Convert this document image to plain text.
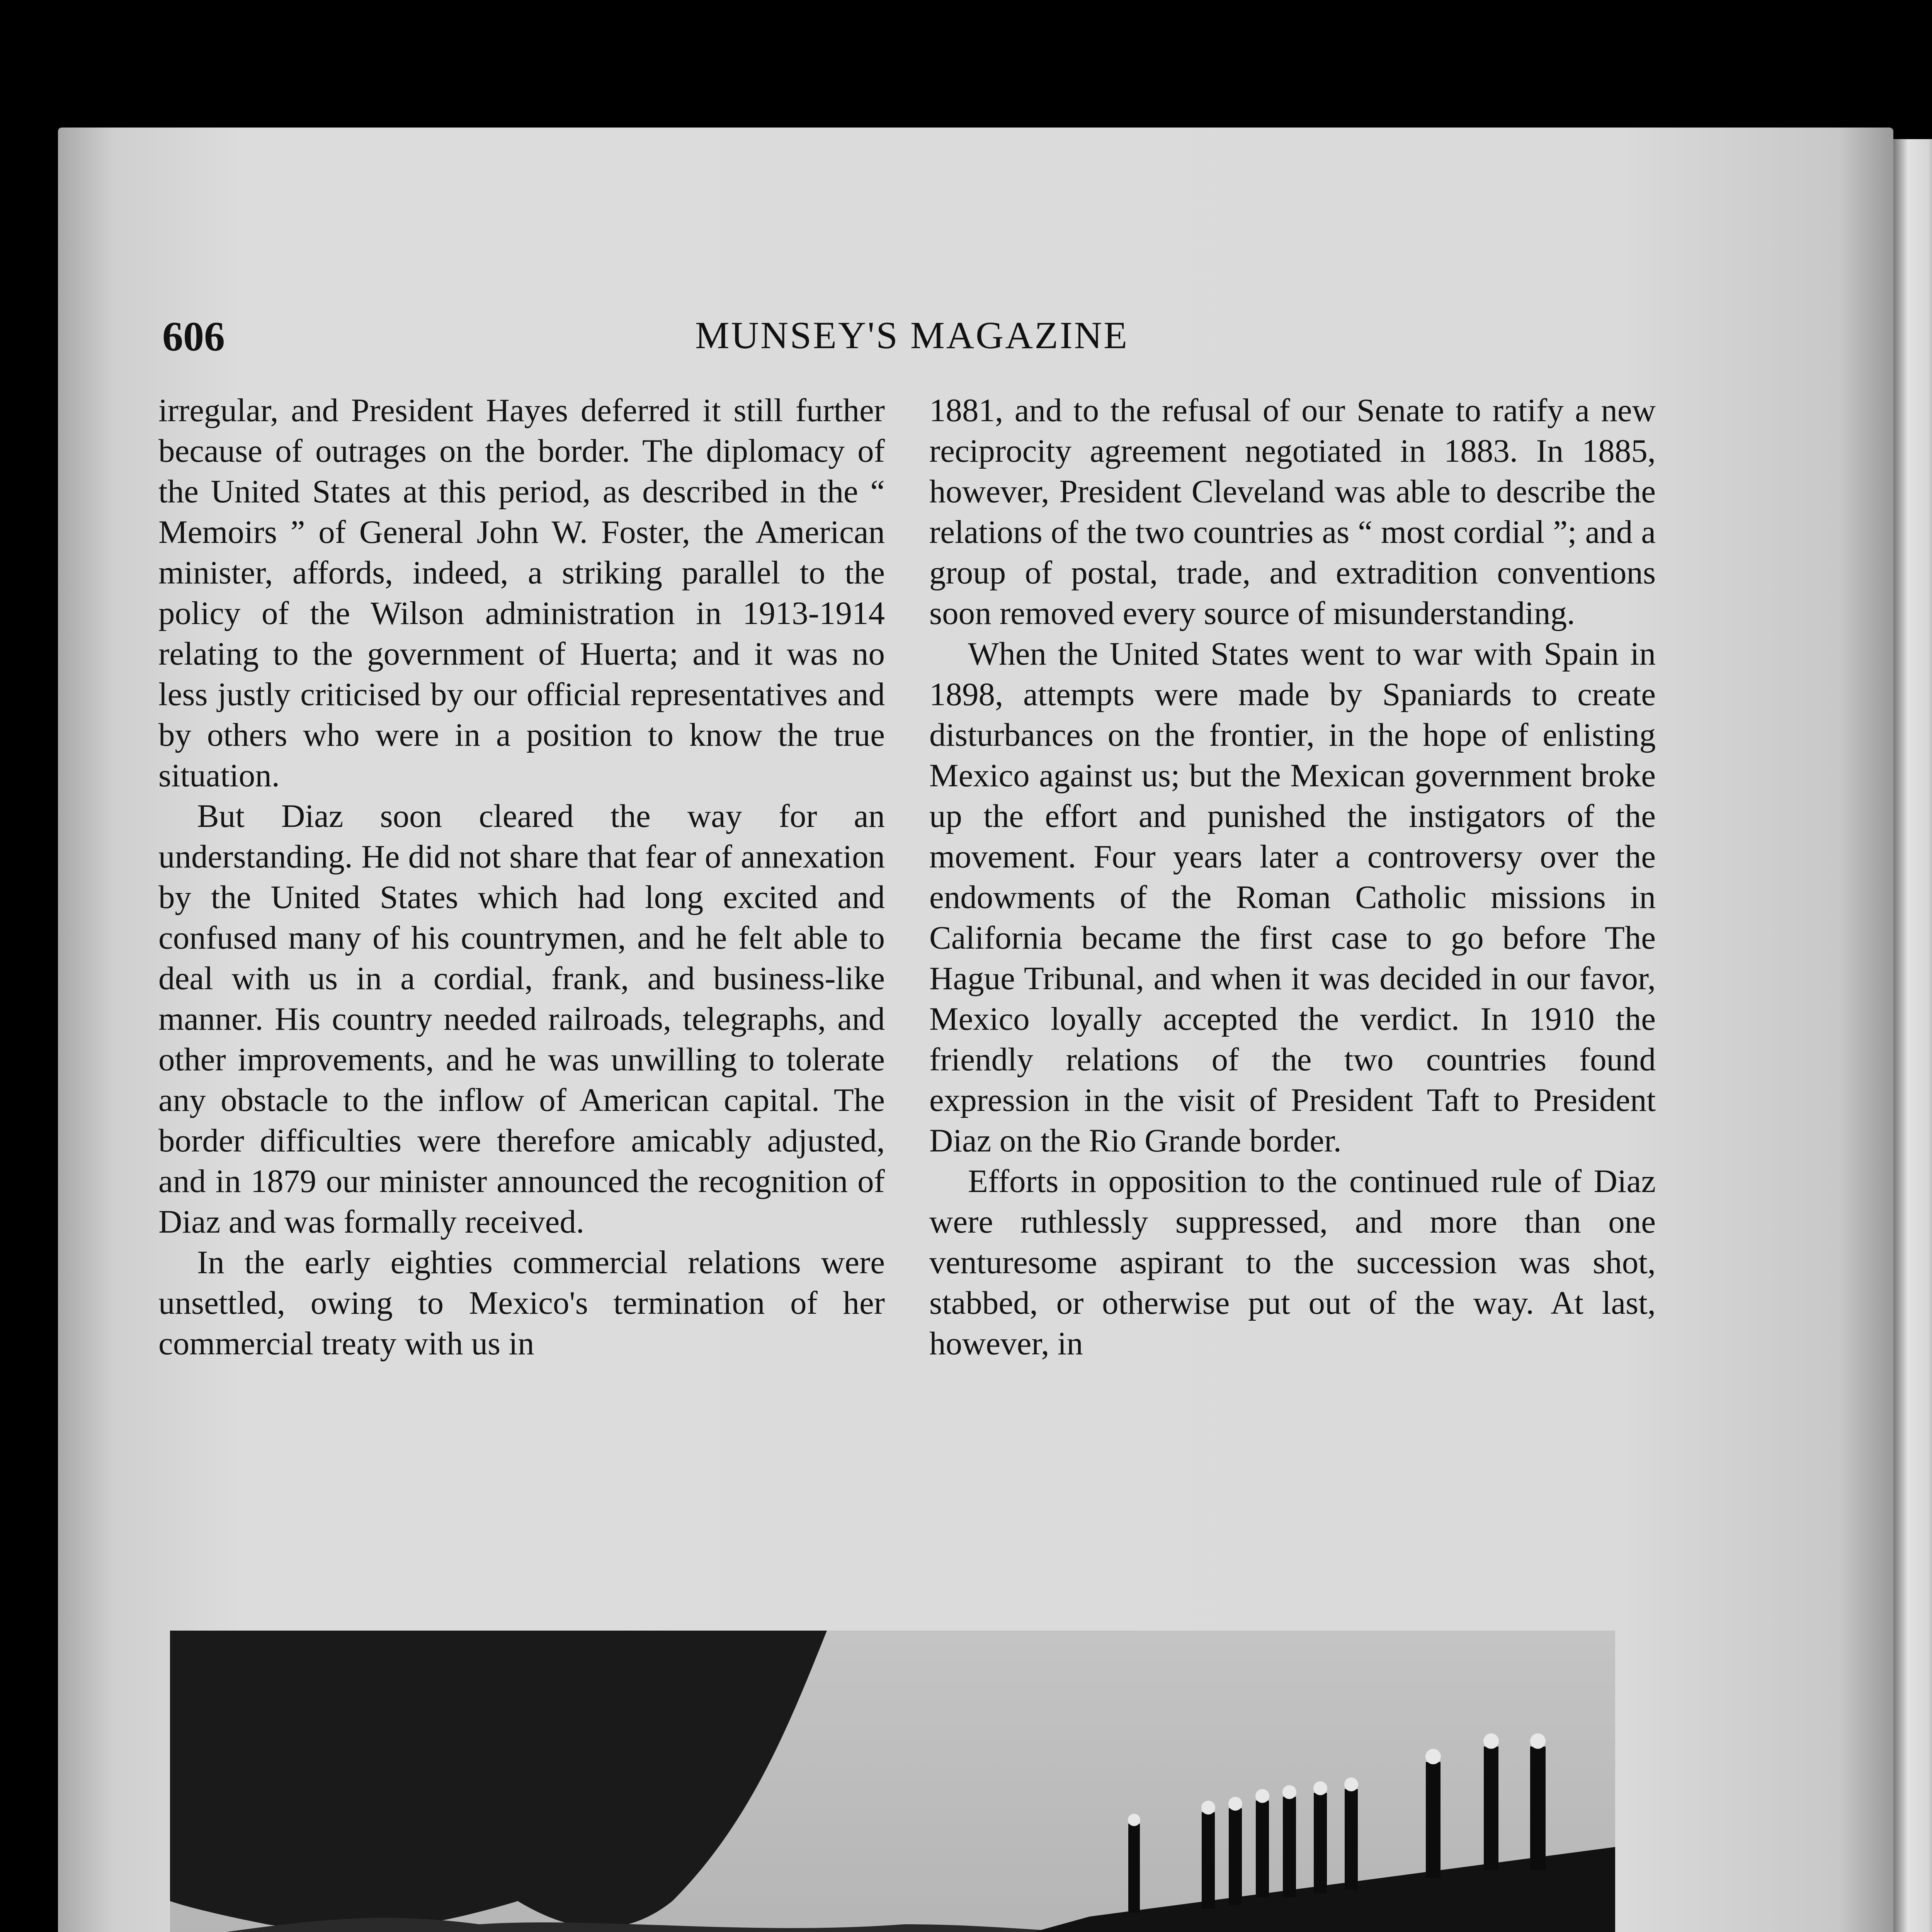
606	MUNSEY'S MAGAZINE

irregular, and President Hayes deferred it still further because of outrages on the border. The diplomacy of the United States at this period, as described in the “ Memoirs ” of General John W. Foster, the American minister, affords, indeed, a striking parallel to the policy of the Wilson administration in 1913-1914 relating to the government of Huerta; and it was no less justly criticised by our official representatives and by others who were in a position to know the true situation.

But Diaz soon cleared the way for an understanding. He did not share that fear of annexation by the United States which had long excited and confused many of his countrymen, and he felt able to deal with us in a cordial, frank, and business-like manner. His country needed railroads, telegraphs, and other improvements, and he was unwilling to tolerate any obstacle to the inflow of American capital. The border difficulties were therefore amicably adjusted, and in 1879 our minister announced the recognition of Diaz and was formally received.

In the early eighties commercial relations were unsettled, owing to Mexico's termination of her commercial treaty with us in

1881, and to the refusal of our Senate to ratify a new reciprocity agreement negotiated in 1883. In 1885, however, President Cleveland was able to describe the relations of the two countries as “ most cordial ”; and a group of postal, trade, and extradition conventions soon removed every source of misunderstanding.

When the United States went to war with Spain in 1898, attempts were made by Spaniards to create disturbances on the frontier, in the hope of enlisting Mexico against us; but the Mexican government broke up the effort and punished the instigators of the movement. Four years later a controversy over the endowments of the Roman Catholic missions in California became the first case to go before The Hague Tribunal, and when it was decided in our favor, Mexico loyally accepted the verdict. In 1910 the friendly relations of the two countries found expression in the visit of President Taft to President Diaz on the Rio Grande border.

Efforts in opposition to the continued rule of Diaz were ruthlessly suppressed, and more than one venturesome aspirant to the succession was shot, stabbed, or otherwise put out of the way. At last, however, in
